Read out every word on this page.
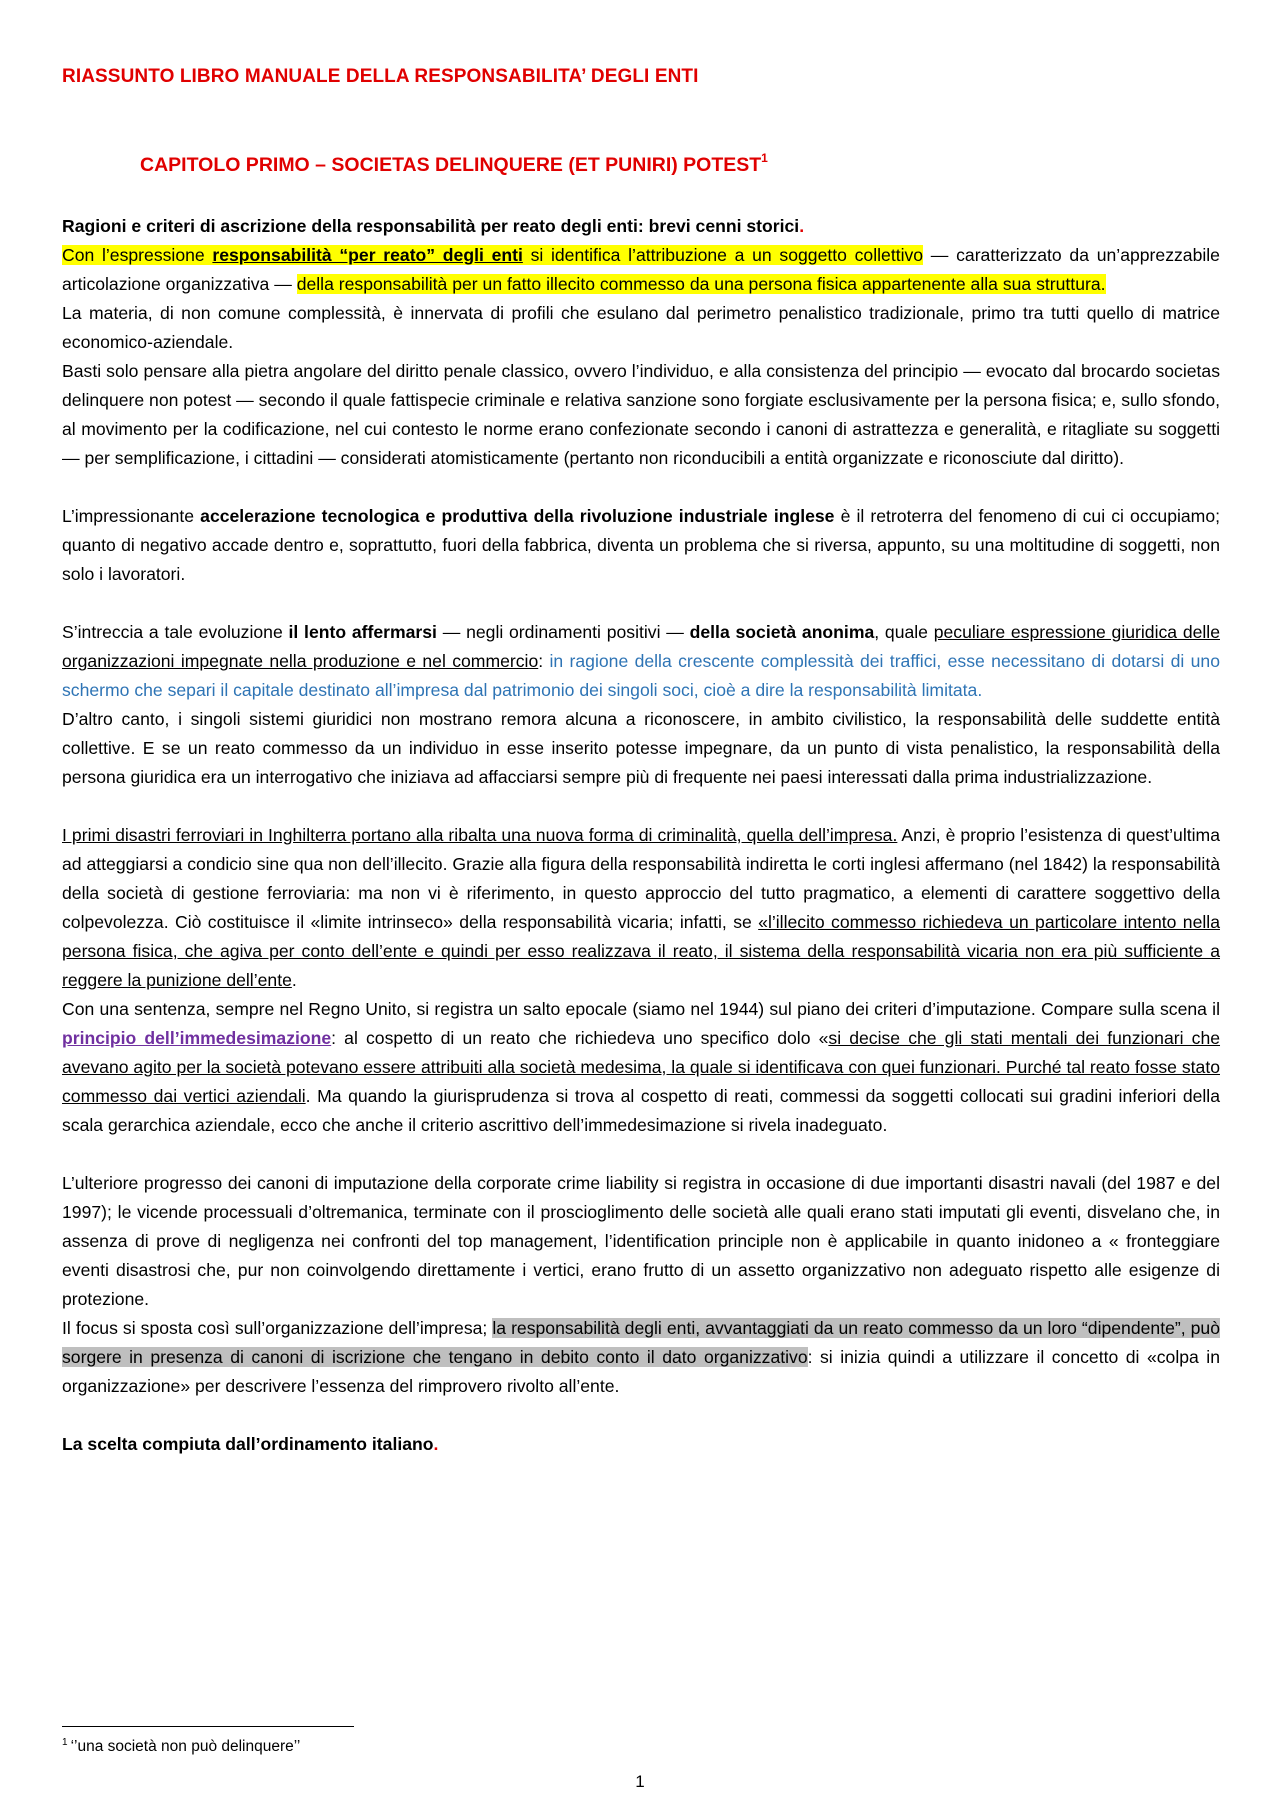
RIASSUNTO LIBRO MANUALE DELLA RESPONSABILITA’ DEGLI ENTI
CAPITOLO PRIMO – SOCIETAS DELINQUERE (ET PUNIRI) POTEST$^1$

Ragioni e criteri di ascrizione della responsabilità per reato degli enti: brevi cenni storici.

Con l’espressione responsabilità “per reato” degli enti si identifica l’attribuzione a un soggetto collettivo — caratterizzato da un’apprezzabile articolazione organizzativa — della responsabilità per un fatto illecito commesso da una persona fisica appartenente alla sua struttura.

La materia, di non comune complessità, è innervata di profili che esulano dal perimetro penalistico tradizionale, primo tra tutti quello di matrice economico-aziendale.

Basti solo pensare alla pietra angolare del diritto penale classico, ovvero l’individuo, e alla consistenza del principio — evocato dal brocardo societas delinquere non potest — secondo il quale fattispecie criminale e relativa sanzione sono forgiate esclusivamente per la persona fisica; e, sullo sfondo, al movimento per la codificazione, nel cui contesto le norme erano confezionate secondo i canoni di astrattezza e generalità, e ritagliate su soggetti — per semplificazione, i cittadini — considerati atomisticamente (pertanto non riconducibili a entità organizzate e riconosciute dal diritto).

L’impressionante accelerazione tecnologica e produttiva della rivoluzione industriale inglese è il retroterra del fenomeno di cui ci occupiamo; quanto di negativo accade dentro e, soprattutto, fuori della fabbrica, diventa un problema che si riversa, appunto, su una moltitudine di soggetti, non solo i lavoratori.

S’intreccia a tale evoluzione il lento affermarsi — negli ordinamenti positivi — della società anonima, quale peculiare espressione giuridica delle organizzazioni impegnate nella produzione e nel commercio: in ragione della crescente complessità dei traffici, esse necessitano di dotarsi di uno schermo che separi il capitale destinato all’impresa dal patrimonio dei singoli soci, cioè a dire la responsabilità limitata.

D’altro canto, i singoli sistemi giuridici non mostrano remora alcuna a riconoscere, in ambito civilistico, la responsabilità delle suddette entità collettive. E se un reato commesso da un individuo in esse inserito potesse impegnare, da un punto di vista penalistico, la responsabilità della persona giuridica era un interrogativo che iniziava ad affacciarsi sempre più di frequente nei paesi interessati dalla prima industrializzazione.

I primi disastri ferroviari in Inghilterra portano alla ribalta una nuova forma di criminalità, quella dell’impresa. Anzi, è proprio l’esistenza di quest’ultima ad atteggiarsi a condicio sine qua non dell’illecito. Grazie alla figura della responsabilità indiretta le corti inglesi affermano (nel 1842) la responsabilità della società di gestione ferroviaria: ma non vi è riferimento, in questo approccio del tutto pragmatico, a elementi di carattere soggettivo della colpevolezza. Ciò costituisce il «limite intrinseco» della responsabilità vicaria; infatti, se «l’illecito commesso richiedeva un particolare intento nella persona fisica, che agiva per conto dell’ente e quindi per esso realizzava il reato, il sistema della responsabilità vicaria non era più sufficiente a reggere la punizione dell’ente.

Con una sentenza, sempre nel Regno Unito, si registra un salto epocale (siamo nel 1944) sul piano dei criteri d’imputazione. Compare sulla scena il principio dell’immedesimazione: al cospetto di un reato che richiedeva uno specifico dolo «si decise che gli stati mentali dei funzionari che avevano agito per la società potevano essere attribuiti alla società medesima, la quale si identificava con quei funzionari. Purché tal reato fosse stato commesso dai vertici aziendali. Ma quando la giurisprudenza si trova al cospetto di reati, commessi da soggetti collocati sui gradini inferiori della scala gerarchica aziendale, ecco che anche il criterio ascrittivo dell’immedesimazione si rivela inadeguato.

L’ulteriore progresso dei canoni di imputazione della corporate crime liability si registra in occasione di due importanti disastri navali (del 1987 e del 1997); le vicende processuali d’oltremanica, terminate con il proscioglimento delle società alle quali erano stati imputati gli eventi, disvelano che, in assenza di prove di negligenza nei confronti del top management, l’identification principle non è applicabile in quanto inidoneo a « fronteggiare eventi disastrosi che, pur non coinvolgendo direttamente i vertici, erano frutto di un assetto organizzativo non adeguato rispetto alle esigenze di protezione.

Il focus si sposta così sull’organizzazione dell’impresa; la responsabilità degli enti, avvantaggiati da un reato commesso da un loro “dipendente”, può sorgere in presenza di canoni di iscrizione che tengano in debito conto il dato organizzativo: si inizia quindi a utilizzare il concetto di «colpa in organizzazione» per descrivere l’essenza del rimprovero rivolto all’ente.

La scelta compiuta dall’ordinamento italiano.

$^1$ ‘’una società non può delinquere’’

1
